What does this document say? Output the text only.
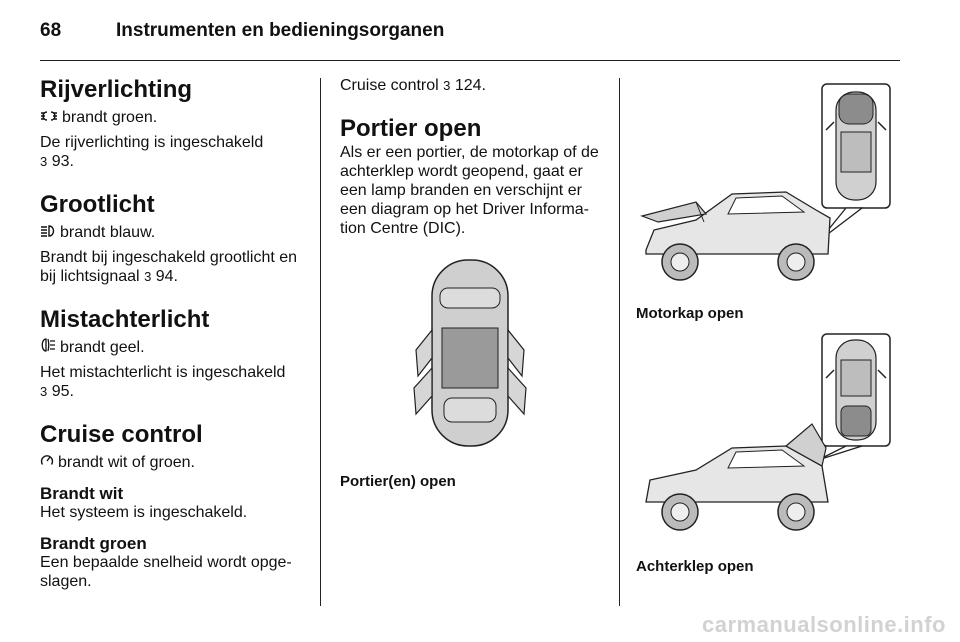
68	Instrumenten en bedieningsorganen
Rijverlichting

brandt groen.

De rijverlichting is ingeschakeld
3 93.

Grootlicht

brandt blauw.

Brandt bij ingeschakeld grootlicht en bij lichtsignaal 3 94.

Mistachterlicht

brandt geel.

Het mistachterlicht is ingeschakeld
3 95.

Cruise control

brandt wit of groen.

Brandt wit

Het systeem is ingeschakeld.

Brandt groen

Een bepaalde snelheid wordt opge-slagen.

Cruise control 3 124.

Portier open

Als er een portier, de motorkap of de achterklep wordt geopend, gaat er een lamp branden en verschijnt er een diagram op het Driver Informa-tion Centre (DIC).

Portier(en) open
Motorkap open
Achterklep open
carmanualsonline.info
